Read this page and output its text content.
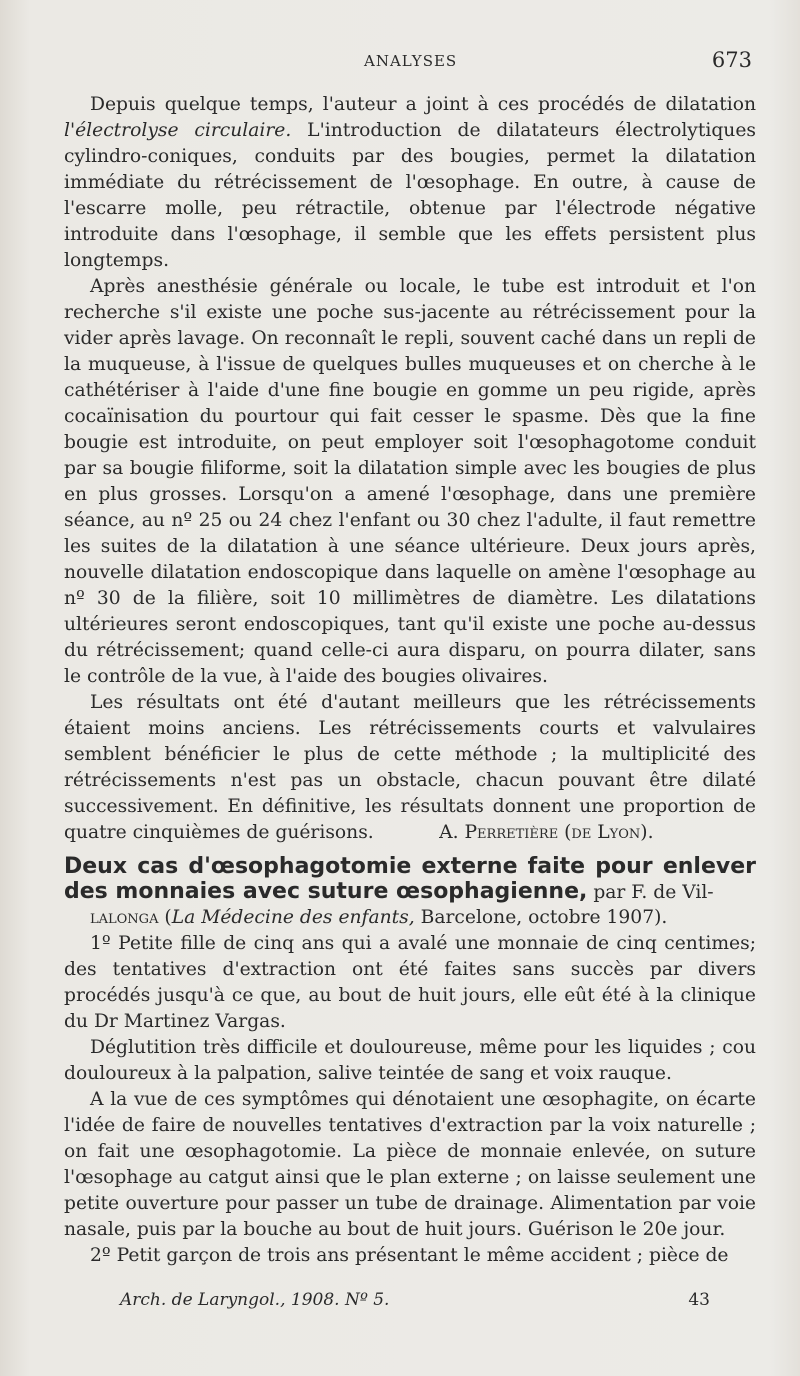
ANALYSES	673

Depuis quelque temps, l'auteur a joint à ces procédés de dilatation l'électrolyse circulaire. L'introduction de dilatateurs électrolytiques cylindro-coniques, conduits par des bougies, permet la dilatation immédiate du rétrécissement de l'œsophage. En outre, à cause de l'escarre molle, peu rétractile, obtenue par l'électrode négative introduite dans l'œsophage, il semble que les effets persistent plus longtemps.

Après anesthésie générale ou locale, le tube est introduit et l'on recherche s'il existe une poche sus-jacente au rétrécissement pour la vider après lavage. On reconnaît le repli, souvent caché dans un repli de la muqueuse, à l'issue de quelques bulles muqueuses et on cherche à le cathétériser à l'aide d'une fine bougie en gomme un peu rigide, après cocaïnisation du pourtour qui fait cesser le spasme. Dès que la fine bougie est introduite, on peut employer soit l'œsophagotome conduit par sa bougie filiforme, soit la dilatation simple avec les bougies de plus en plus grosses. Lorsqu'on a amené l'œsophage, dans une première séance, au nº 25 ou 24 chez l'enfant ou 30 chez l'adulte, il faut remettre les suites de la dilatation à une séance ultérieure. Deux jours après, nouvelle dilatation endoscopique dans laquelle on amène l'œsophage au nº 30 de la filière, soit 10 millimètres de diamètre. Les dilatations ultérieures seront endoscopiques, tant qu'il existe une poche au-dessus du rétrécissement; quand celle-ci aura disparu, on pourra dilater, sans le contrôle de la vue, à l'aide des bougies olivaires.

Les résultats ont été d'autant meilleurs que les rétrécissements étaient moins anciens. Les rétrécissements courts et valvulaires semblent bénéficier le plus de cette méthode ; la multiplicité des rétrécissements n'est pas un obstacle, chacun pouvant être dilaté successivement. En définitive, les résultats donnent une proportion de quatre cinquièmes de guérisons.	A. Perretière (de Lyon).

Deux cas d'œsophagotomie externe faite pour enlever des monnaies avec suture œsophagienne, par F. de Vil-

lalonga (La Médecine des enfants, Barcelone, octobre 1907).

1º Petite fille de cinq ans qui a avalé une monnaie de cinq centimes; des tentatives d'extraction ont été faites sans succès par divers procédés jusqu'à ce que, au bout de huit jours, elle eût été à la clinique du Dr Martinez Vargas.

Déglutition très difficile et douloureuse, même pour les liquides ; cou douloureux à la palpation, salive teintée de sang et voix rauque.

A la vue de ces symptômes qui dénotaient une œsophagite, on écarte l'idée de faire de nouvelles tentatives d'extraction par la voix naturelle ; on fait une œsophagotomie. La pièce de monnaie enlevée, on suture l'œsophage au catgut ainsi que le plan externe ; on laisse seulement une petite ouverture pour passer un tube de drainage. Alimentation par voie nasale, puis par la bouche au bout de huit jours. Guérison le 20e jour.

2º Petit garçon de trois ans présentant le même accident ; pièce de

Arch. de Laryngol., 1908. Nº 5.	43
